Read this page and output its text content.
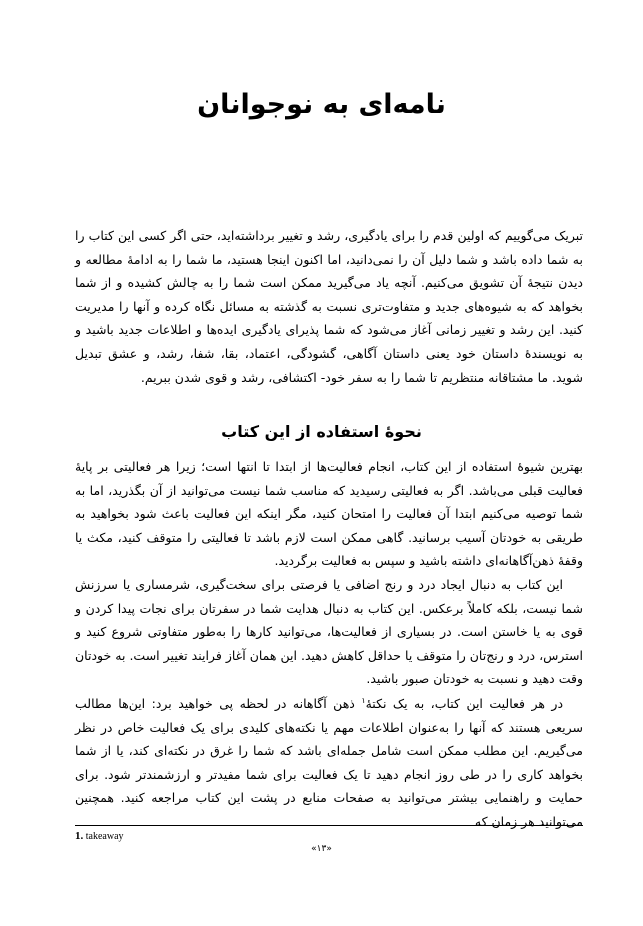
نامه‌ای به نوجوانان

تبریک می‌گوییم که اولین قدم را برای یادگیری، رشد و تغییر برداشته‌اید، حتی اگر کسی این کتاب را به شما داده باشد و شما دلیل آن را نمی‌دانید، اما اکنون اینجا هستید، ما شما را به ادامهٔ مطالعه و دیدن نتیجهٔ آن تشویق می‌کنیم. آنچه یاد می‌گیرید ممکن است شما را به چالش کشیده و از شما بخواهد که به شیوه‌های جدید و متفاوت‌تری نسبت به گذشته به مسائل نگاه کرده و آنها را مدیریت کنید. این رشد و تغییر زمانی آغاز می‌شود که شما پذیرای یادگیری ایده‌ها و اطلاعات جدید باشید و به نویسندهٔ داستان خود یعنی داستان آگاهی، گشودگی، اعتماد، بقا، شفا، رشد، و عشق تبدیل شوید. ما مشتاقانه منتظریم تا شما را به سفر خود- اکتشافی، رشد و قوی شدن ببریم.

نحوهٔ استفاده از این کتاب

بهترین شیوهٔ استفاده از این کتاب، انجام فعالیت‌ها از ابتدا تا انتها است؛ زیرا هر فعالیتی بر پایهٔ فعالیت قبلی می‌باشد. اگر به فعالیتی رسیدید که مناسب شما نیست می‌توانید از آن بگذرید، اما به شما توصیه می‌کنیم ابتدا آن فعالیت را امتحان کنید، مگر اینکه این فعالیت باعث شود بخواهید به طریقی به خودتان آسیب برسانید. گاهی ممکن است لازم باشد تا فعالیتی را متوقف کنید، مکث یا وقفهٔ ذهن‌آگاهانه‌ای داشته باشید و سپس به فعالیت برگردید.

این کتاب به دنبال ایجاد درد و رنج اضافی یا فرصتی برای سخت‌گیری، شرمساری یا سرزنش شما نیست، بلکه کاملاً برعکس. این کتاب به دنبال هدایت شما در سفرتان برای نجات پیدا کردن و قوی به یا خاستن است. در بسیاری از فعالیت‌ها، می‌توانید کارها را به‌طور متفاوتی شروع کنید و استرس، درد و رنج‌تان را متوقف یا حداقل کاهش دهید. این همان آغاز فرایند تغییر است. به خودتان وقت دهید و نسبت به خودتان صبور باشید.

در هر فعالیت این کتاب، به یک نکتهٔ$^۱$ ذهن آگاهانه در لحظه پی خواهید برد: این‌ها مطالب سریعی هستند که آنها را به‌عنوان اطلاعات مهم یا نکته‌های کلیدی برای یک فعالیت خاص در نظر می‌گیریم. این مطلب ممکن است شامل جمله‌ای باشد که شما را غرق در نکته‌ای کند، یا از شما بخواهد کاری را در طی روز انجام دهید تا یک فعالیت برای شما مفیدتر و ارزشمندتر شود. برای حمایت و راهنمایی بیشتر می‌توانید به صفحات منابع در پشت این کتاب مراجعه کنید. همچنین می‌توانید هر زمان که

1. takeaway

«۱۳»
